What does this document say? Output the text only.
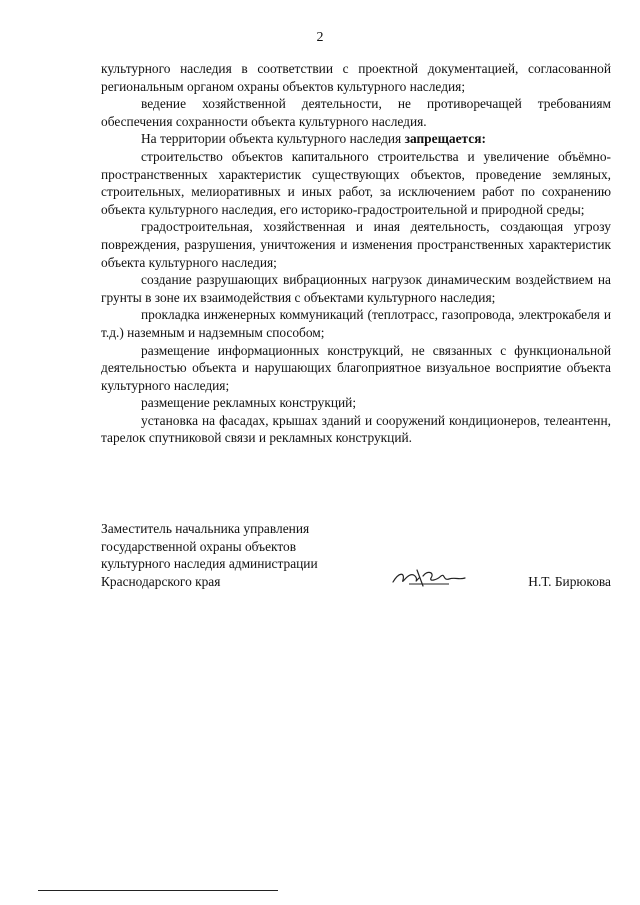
2

культурного наследия в соответствии с проектной документацией, согласованной региональным органом охраны объектов культурного наследия;

ведение хозяйственной деятельности, не противоречащей требованиям обеспечения сохранности объекта культурного наследия.

На территории объекта культурного наследия запрещается:

строительство объектов капитального строительства и увеличение объёмно-пространственных характеристик существующих объектов, проведение земляных, строительных, мелиоративных и иных работ, за исключением работ по сохранению объекта культурного наследия, его историко-градостроительной и природной среды;

градостроительная, хозяйственная и иная деятельность, создающая угрозу повреждения, разрушения, уничтожения и изменения пространственных характеристик объекта культурного наследия;

создание разрушающих вибрационных нагрузок динамическим воздействием на грунты в зоне их взаимодействия с объектами культурного наследия;

прокладка инженерных коммуникаций (теплотрасс, газопровода, электрокабеля и т.д.) наземным и надземным способом;

размещение информационных конструкций, не связанных с функциональной деятельностью объекта и нарушающих благоприятное визуальное восприятие объекта культурного наследия;

размещение рекламных конструкций;

установка на фасадах, крышах зданий и сооружений кондиционеров, телеантенн, тарелок спутниковой связи и рекламных конструкций.

Заместитель начальника управления
государственной охраны объектов
культурного наследия администрации
Краснодарского края	Н.Т. Бирюкова
